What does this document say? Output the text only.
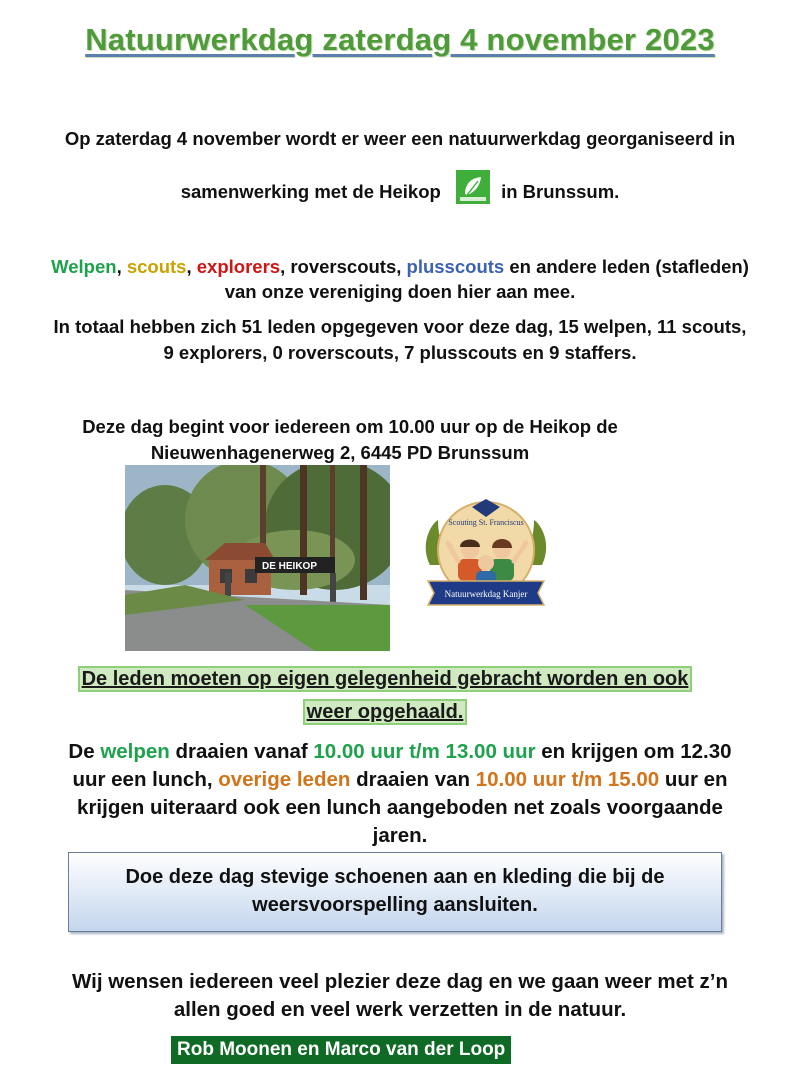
Natuurwerkdag zaterdag 4 november 2023
Op zaterdag 4 november wordt er weer een natuurwerkdag georganiseerd in
samenwerking met de Heikop	in Brunssum.
Welpen, scouts, explorers, roverscouts, plusscouts en andere leden (stafleden)
van onze vereniging doen hier aan mee.
In totaal hebben zich 51 leden opgegeven voor deze dag, 15 welpen, 11 scouts,
9 explorers, 0 roverscouts, 7 plusscouts en 9 staffers.
Deze dag begint voor iedereen om 10.00 uur op de Heikop de
Nieuwenhagenerweg 2, 6445 PD Brunssum
DE HEIKOP
Scouting St. Franciscus
Natuurwerkdag Kanjer
De leden moeten op eigen gelegenheid gebracht worden en ook
weer opgehaald.
De welpen draaien vanaf 10.00 uur t/m 13.00 uur en krijgen om 12.30
uur een lunch, overige leden draaien van 10.00 uur t/m 15.00 uur en
krijgen uiteraard ook een lunch aangeboden net zoals voorgaande
jaren.
Doe deze dag stevige schoenen aan en kleding die bij de
weersvoorspelling aansluiten.
Wij wensen iedereen veel plezier deze dag en we gaan weer met z’n
allen goed en veel werk verzetten in de natuur.
Rob Moonen en Marco van der Loop
